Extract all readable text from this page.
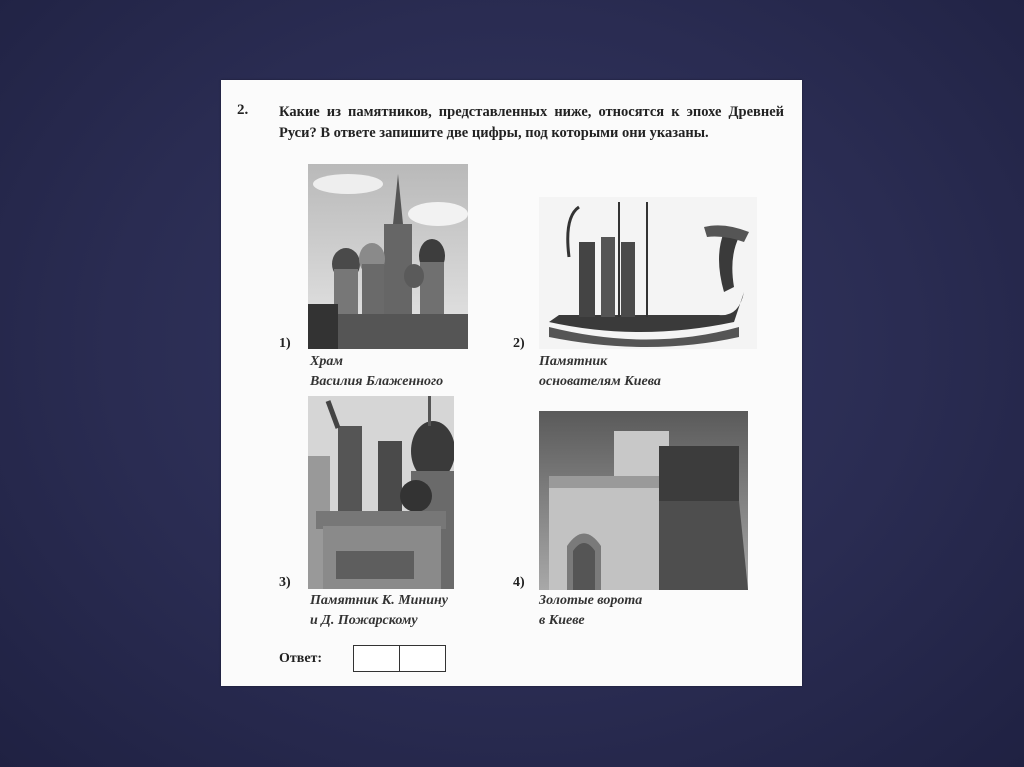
2. Какие из памятников, представленных ниже, относятся к эпохе Древней Руси? В ответе запишите две цифры, под которыми они указаны.
1)
Храм
Василия Блаженного
2)
Памятник
основателям Киева
3)
Памятник К. Минину
и Д. Пожарскому
4)
Золотые ворота
в Киеве
Ответ:
